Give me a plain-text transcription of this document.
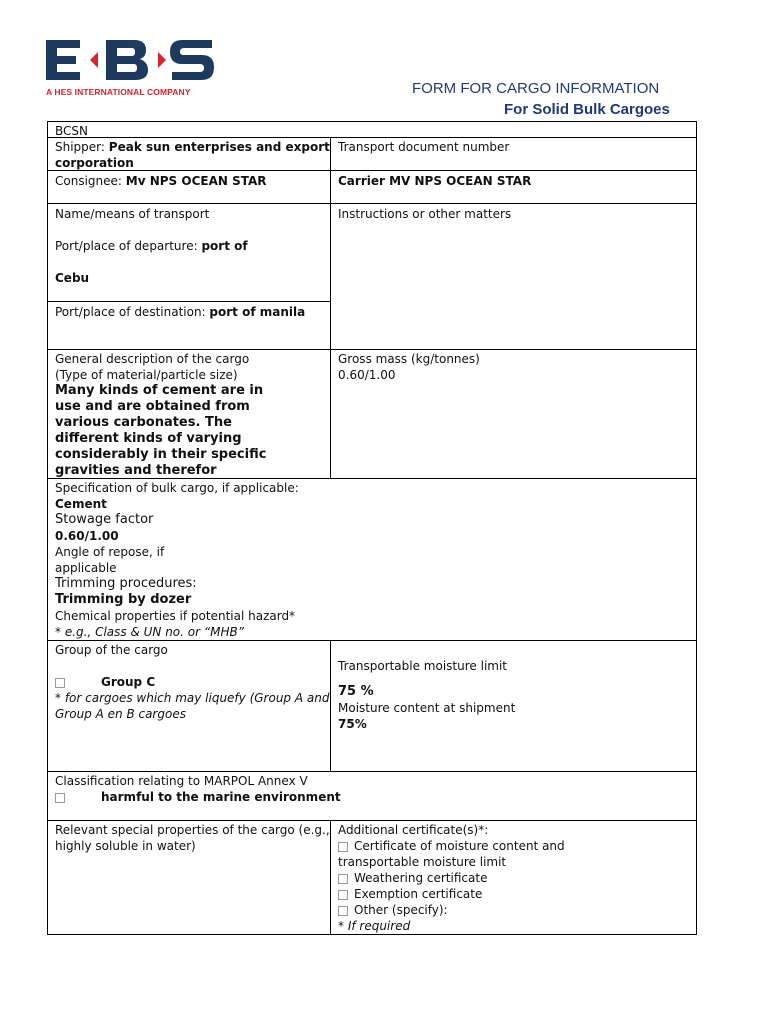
A HES INTERNATIONAL COMPANY	FORM FOR CARGO INFORMATION
For Solid Bulk Cargoes
BCSN
Shipper: Peak sun enterprises and export
corporation
Transport document number
Consignee: Mv NPS OCEAN STAR	Carrier MV NPS OCEAN STAR
Name/means of transport
Port/place of departure: port of
Cebu
Port/place of destination: port of manila
Instructions or other matters
General description of the cargo
(Type of material/particle size)
Many kinds of cement are in
use and are obtained from
various carbonates. The
different kinds of varying
considerably in their specific
gravities and therefor
Gross mass (kg/tonnes)
0.60/1.00
Specification of bulk cargo, if applicable:
Cement
Stowage factor
0.60/1.00
Angle of repose, if
applicable
Trimming procedures:
Trimming by dozer
Chemical properties if potential hazard*
* e.g., Class & UN no. or “MHB”
Group of the cargo
Group C
* for cargoes which may liquefy (Group A and
Group A en B cargoes
Transportable moisture limit
75 %
Moisture content at shipment
75%
Classification relating to MARPOL Annex V
harmful to the marine environment
Relevant special properties of the cargo (e.g.,
highly soluble in water)
Additional certificate(s)*:
Certificate of moisture content and
transportable moisture limit
Weathering certificate
Exemption certificate
Other (specify):
* If required
